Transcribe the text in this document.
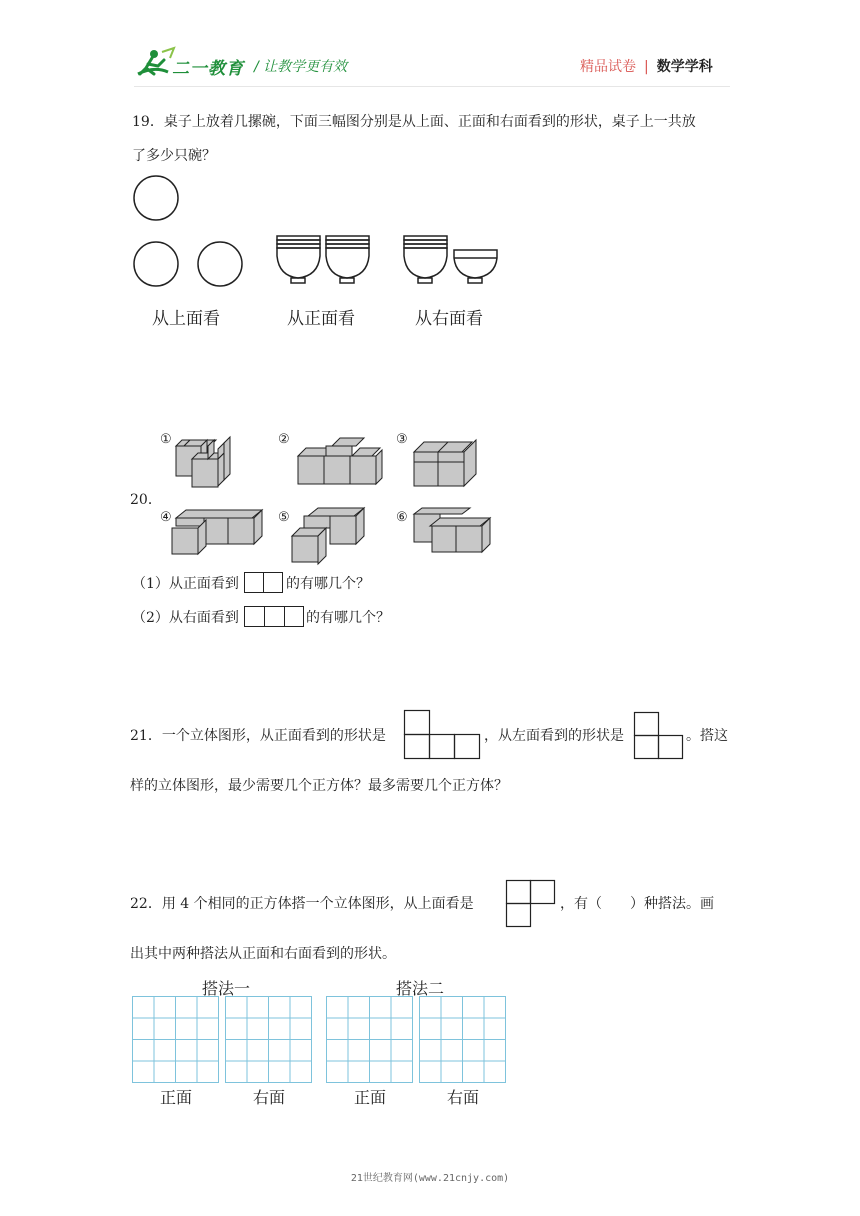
二一教育 / 让教学更有效	精品试卷 | 数学学科
19．桌子上放着几摞碗，下面三幅图分别是从上面、正面和右面看到的形状，桌子上一共放
了多少只碗？
从上面看	从正面看	从右面看
20．
①	②	③
④	⑤	⑥
（1）从正面看到	的有哪几个？
（2）从右面看到	的有哪几个？
21．一个立体图形，从正面看到的形状是	，从左面看到的形状是	。搭这
样的立体图形，最少需要几个正方体？最多需要几个正方体？
22．用 4 个相同的正方体搭一个立体图形，从上面看是	，有（　　）种搭法。画
出其中两种搭法从正面和右面看到的形状。
搭法一	搭法二
正面	右面	正面	右面
21世纪教育网(www.21cnjy.com)
